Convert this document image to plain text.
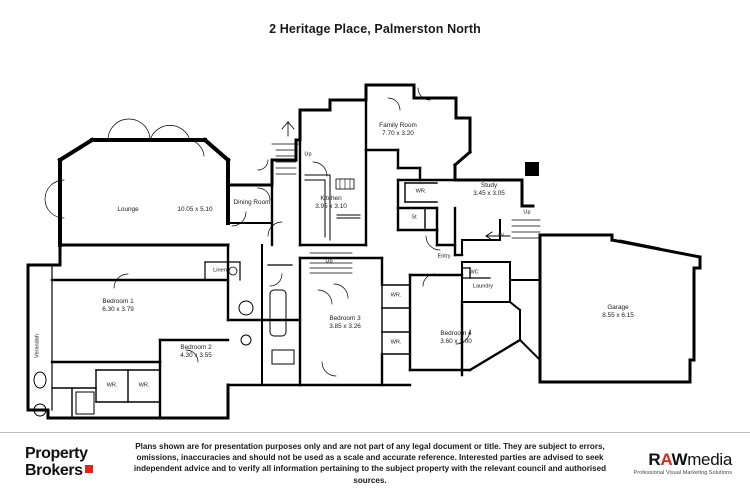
2 Heritage Place, Palmerston North
Lounge	10.05 x 5.10
Dining Room
Kitchen
3.95 x 3.10
Family Room
7.70 x 3.20
Study
3.45 x 3.05
Garage
8.55 x 6.15
Bedroom 1
6.30 x 3.79
Bedroom 2
4.30 x 3.55
Bedroom 3
3.85 x 3.26
Bedroom 4
3.60 x 3.00
Laundry
Entry
Linen
St
WR.
WR.
WR.
WR.	WR.
WC
Up
Up
Up
IN
Verandah
Property
Brokers
Plans shown are for presentation purposes only and are not part of any legal document or title. They are subject to errors, omissions, inaccuracies and should not be used as a scale and accurate reference. Interested parties are advised to seek independent advice and to verify all information pertaining to the subject property with the relevant council and authorised sources.
RAWmedia
Professional Visual Marketing Solutions
